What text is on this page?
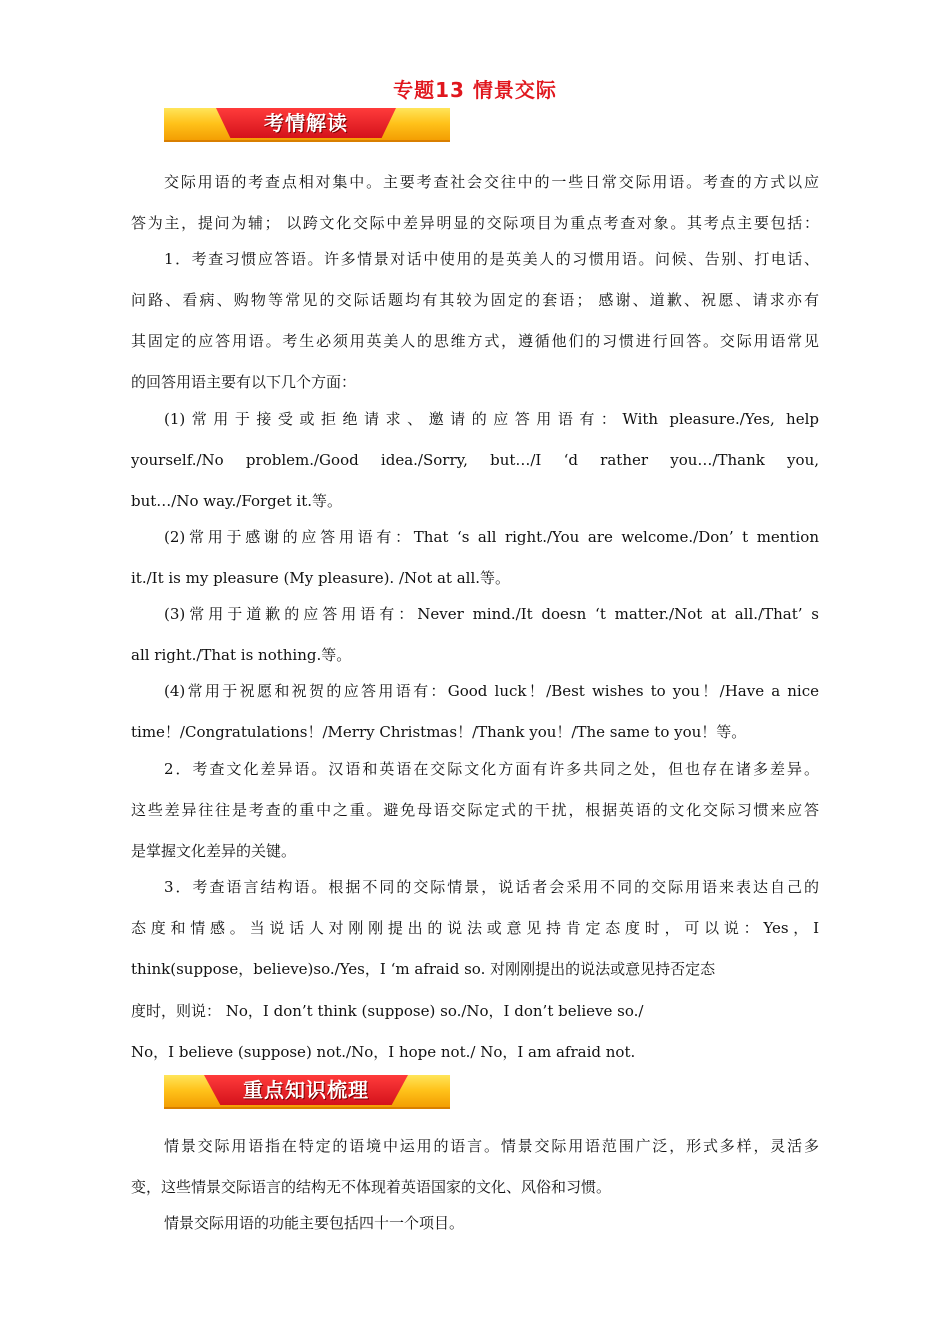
专题13 情景交际
考情解读
交际用语的考查点相对集中。主要考查社会交往中的一些日常交际用语。考查的方式以应
答为主，提问为辅； 以跨文化交际中差异明显的交际项目为重点考查对象。其考点主要包括：
1．考查习惯应答语。许多情景对话中使用的是英美人的习惯用语。问候、告别、打电话、
问路、看病、购物等常见的交际话题均有其较为固定的套语； 感谢、道歉、祝愿、请求亦有
其固定的应答用语。考生必须用英美人的思维方式，遵循他们的习惯进行回答。交际用语常见
的回答用语主要有以下几个方面：
(1)常用于接受或拒绝请求、邀请的应答用语有：With pleasure./Yes, help
yourself./No problem./Good idea./Sorry, but…/I ‘d rather you…/Thank you,
but…/No way./Forget it.等。
(2)常用于感谢的应答用语有：That ‘s all right./You are welcome./Don’ t mention
it./It is my pleasure (My pleasure). /Not at all.等。
(3)常用于道歉的应答用语有：Never mind./It doesn ‘t matter./Not at all./That’ s
all right./That is nothing.等。
(4)常用于祝愿和祝贺的应答用语有：Good luck！/Best wishes to you！/Have a nice
time！/Congratulations！/Merry Christmas！/Thank you！/The same to you！等。
2．考查文化差异语。汉语和英语在交际文化方面有许多共同之处，但也存在诸多差异。
这些差异往往是考查的重中之重。避免母语交际定式的干扰，根据英语的文化交际习惯来应答
是掌握文化差异的关键。
3．考查语言结构语。根据不同的交际情景，说话者会采用不同的交际用语来表达自己的
态度和情感。当说话人对刚刚提出的说法或意见持肯定态度时，可以说：Yes，I
think(suppose，believe)so./Yes，I ‘m afraid so. 对刚刚提出的说法或意见持否定态
度时，则说： No，I don’t think (suppose) so./No，I don’t believe so./
No，I believe (suppose) not./No，I hope not./ No，I am afraid not.
重点知识梳理
情景交际用语指在特定的语境中运用的语言。情景交际用语范围广泛，形式多样，灵活多
变，这些情景交际语言的结构无不体现着英语国家的文化、风俗和习惯。
情景交际用语的功能主要包括四十一个项目。
